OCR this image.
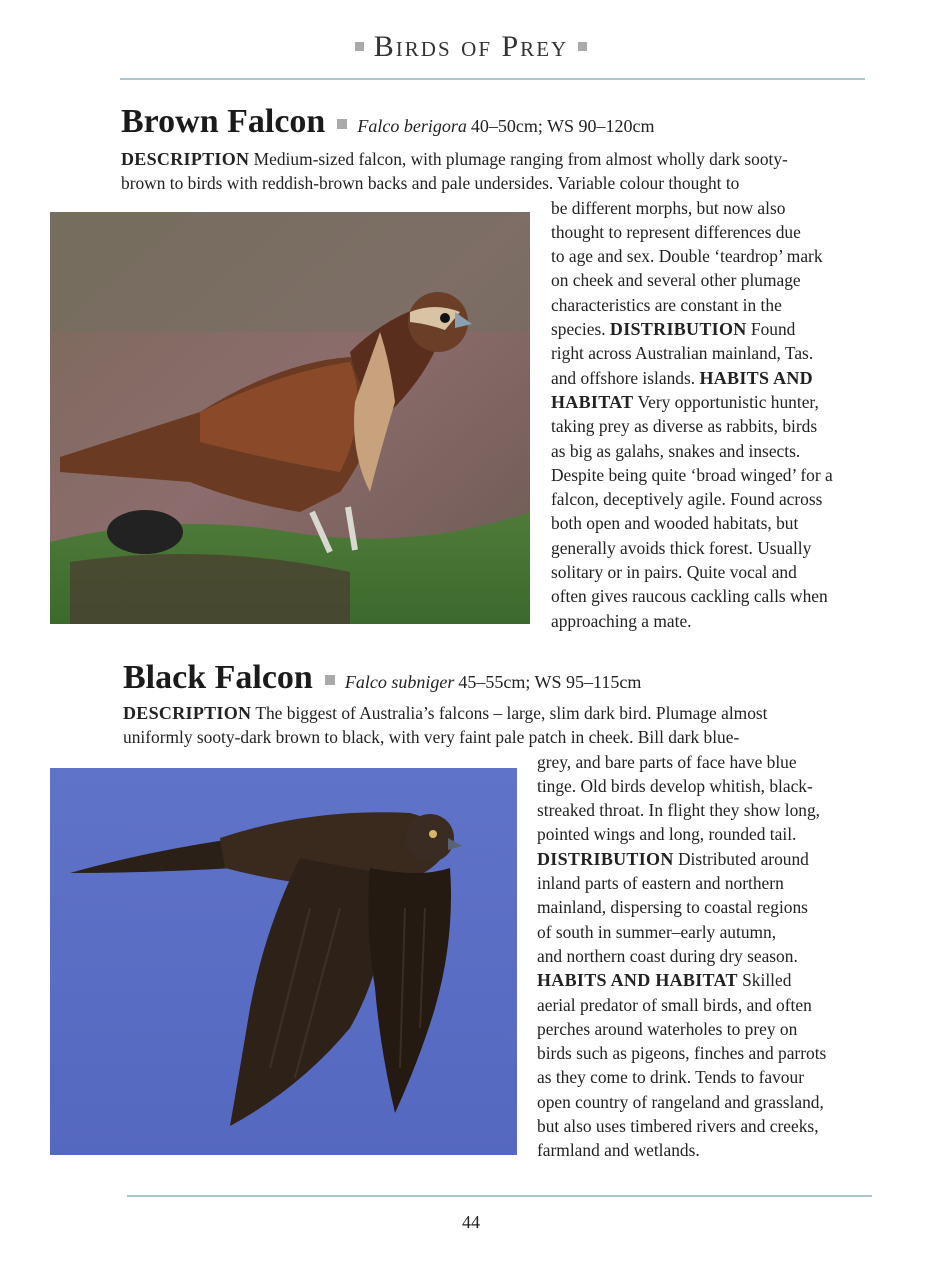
Birds of Prey
Brown Falcon Falco berigora 40–50cm; WS 90–120cm
DESCRIPTION Medium-sized falcon, with plumage ranging from almost wholly dark sooty-
brown to birds with reddish-brown backs and pale undersides. Variable colour thought to
be different morphs, but now also
thought to represent differences due
to age and sex. Double ‘teardrop’ mark
on cheek and several other plumage
characteristics are constant in the
species. DISTRIBUTION Found
right across Australian mainland, Tas.
and offshore islands. HABITS AND
HABITAT Very opportunistic hunter,
taking prey as diverse as rabbits, birds
as big as galahs, snakes and insects.
Despite being quite ‘broad winged’ for a
falcon, deceptively agile. Found across
both open and wooded habitats, but
generally avoids thick forest. Usually
solitary or in pairs. Quite vocal and
often gives raucous cackling calls when
approaching a mate.
Black Falcon Falco subniger 45–55cm; WS 95–115cm
DESCRIPTION The biggest of Australia’s falcons – large, slim dark bird. Plumage almost
uniformly sooty-dark brown to black, with very faint pale patch in cheek. Bill dark blue-
grey, and bare parts of face have blue
tinge. Old birds develop whitish, black-
streaked throat. In flight they show long,
pointed wings and long, rounded tail.
DISTRIBUTION Distributed around
inland parts of eastern and northern
mainland, dispersing to coastal regions
of south in summer–early autumn,
and northern coast during dry season.
HABITS AND HABITAT Skilled
aerial predator of small birds, and often
perches around waterholes to prey on
birds such as pigeons, finches and parrots
as they come to drink. Tends to favour
open country of rangeland and grassland,
but also uses timbered rivers and creeks,
farmland and wetlands.
44
